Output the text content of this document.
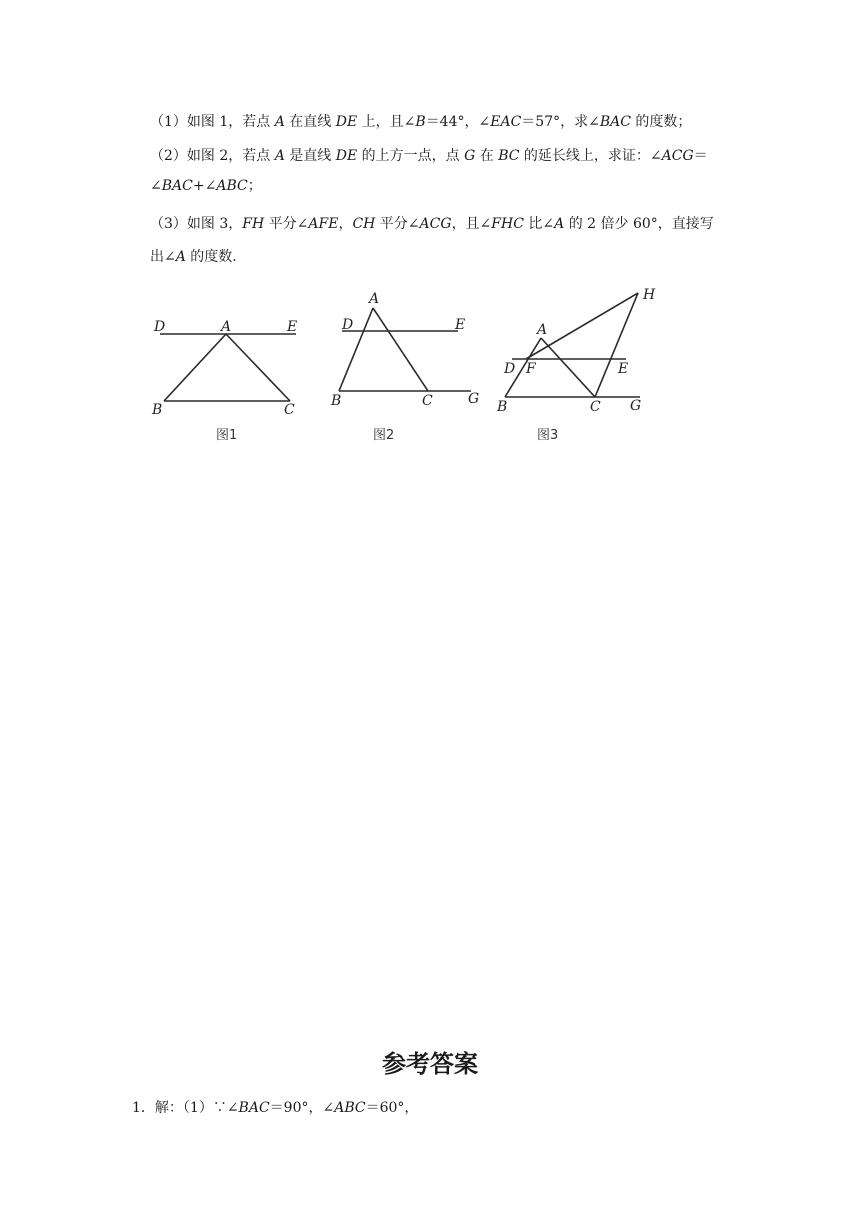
（1）如图 1，若点 A 在直线 DE 上，且∠B＝44°，∠EAC＝57°，求∠BAC 的度数；
（2）如图 2，若点 A 是直线 DE 的上方一点，点 G 在 BC 的延长线上，求证：∠ACG＝
∠BAC+∠ABC；
（3）如图 3，FH 平分∠AFE，CH 平分∠ACG，且∠FHC 比∠A 的 2 倍少 60°，直接写
出∠A 的度数.
D	A	E
B	C
图1
A
D	E
B	C	G
图2
A
H
D F	E
B	C G
图3
参考答案
1．解：（1）∵∠BAC＝90°，∠ABC＝60°，
